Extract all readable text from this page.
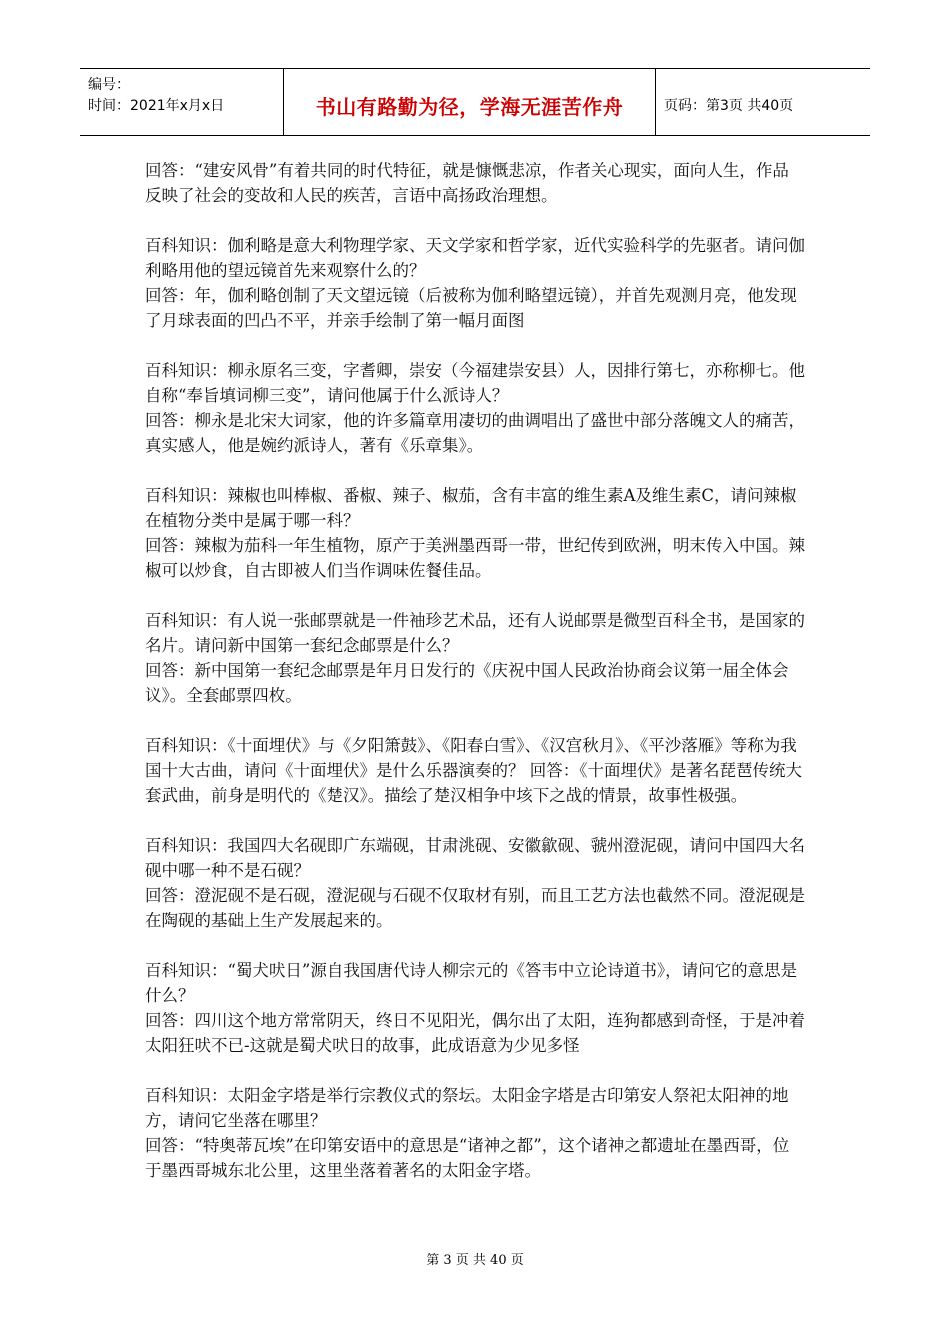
编号：
时间：2021年x月x日	书山有路勤为径，学海无涯苦作舟	页码：第3页 共40页

回答：“建安风骨”有着共同的时代特征，就是慷慨悲凉，作者关心现实，面向人生，作品反映了社会的变故和人民的疾苦，言语中高扬政治理想。

百科知识：伽利略是意大利物理学家、天文学家和哲学家，近代实验科学的先驱者。请问伽利略用他的望远镜首先来观察什么的？

回答：年，伽利略创制了天文望远镜（后被称为伽利略望远镜），并首先观测月亮，他发现了月球表面的凹凸不平，并亲手绘制了第一幅月面图

百科知识：柳永原名三变，字耆卿，崇安（今福建崇安县）人，因排行第七，亦称柳七。他自称“奉旨填词柳三变”，请问他属于什么派诗人？

回答：柳永是北宋大词家，他的许多篇章用凄切的曲调唱出了盛世中部分落魄文人的痛苦，真实感人，他是婉约派诗人，著有《乐章集》。

百科知识：辣椒也叫棒椒、番椒、辣子、椒茄，含有丰富的维生素A及维生素C，请问辣椒在植物分类中是属于哪一科？

回答：辣椒为茄科一年生植物，原产于美洲墨西哥一带，世纪传到欧洲，明末传入中国。辣椒可以炒食，自古即被人们当作调味佐餐佳品。

百科知识：有人说一张邮票就是一件袖珍艺术品，还有人说邮票是微型百科全书，是国家的名片。请问新中国第一套纪念邮票是什么？

回答：新中国第一套纪念邮票是年月日发行的《庆祝中国人民政治协商会议第一届全体会议》。全套邮票四枚。

百科知识：《十面埋伏》与《夕阳箫鼓》、《阳春白雪》、《汉宫秋月》、《平沙落雁》等称为我国十大古曲，请问《十面埋伏》是什么乐器演奏的？ 回答：《十面埋伏》是著名琵琶传统大套武曲，前身是明代的《楚汉》。描绘了楚汉相争中垓下之战的情景，故事性极强。

百科知识：我国四大名砚即广东端砚，甘肃洮砚、安徽歙砚、虢州澄泥砚，请问中国四大名砚中哪一种不是石砚？

回答：澄泥砚不是石砚，澄泥砚与石砚不仅取材有别，而且工艺方法也截然不同。澄泥砚是在陶砚的基础上生产发展起来的。

百科知识：“蜀犬吠日”源自我国唐代诗人柳宗元的《答韦中立论诗道书》，请问它的意思是什么？

回答：四川这个地方常常阴天，终日不见阳光，偶尔出了太阳，连狗都感到奇怪，于是冲着太阳狂吠不已-这就是蜀犬吠日的故事，此成语意为少见多怪

百科知识：太阳金字塔是举行宗教仪式的祭坛。太阳金字塔是古印第安人祭祀太阳神的地方，请问它坐落在哪里？

回答：“特奥蒂瓦埃”在印第安语中的意思是“诸神之都”，这个诸神之都遗址在墨西哥，位于墨西哥城东北公里，这里坐落着著名的太阳金字塔。

第 3 页 共 40 页
